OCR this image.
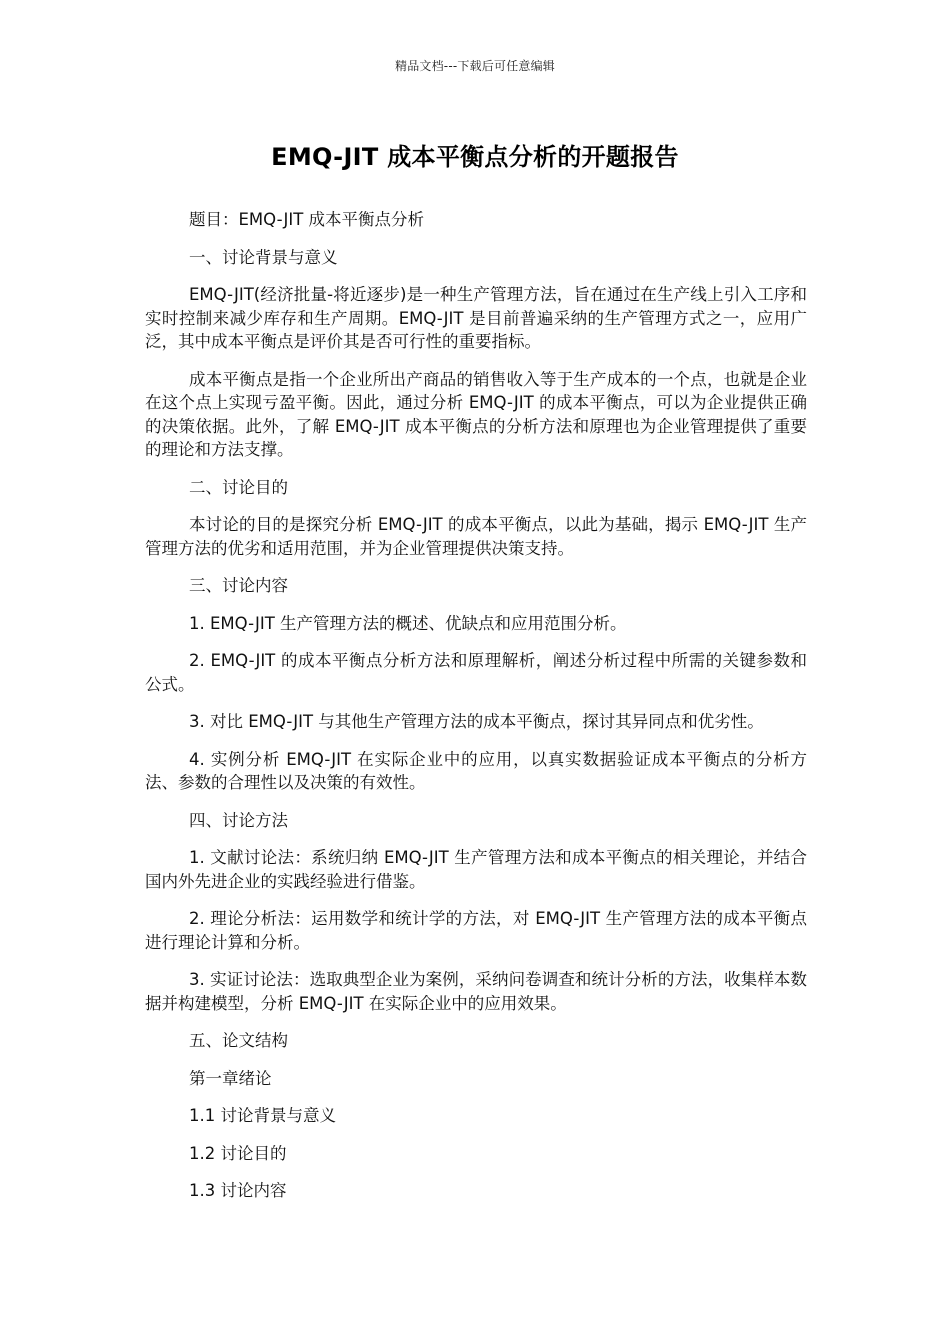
精品文档---下载后可任意编辑
EMQ-JIT 成本平衡点分析的开题报告

题目：EMQ-JIT 成本平衡点分析

一、讨论背景与意义

EMQ-JIT(经济批量-将近逐步)是一种生产管理方法，旨在通过在生产线上引入工序和实时控制来减少库存和生产周期。EMQ-JIT 是目前普遍采纳的生产管理方式之一，应用广泛，其中成本平衡点是评价其是否可行性的重要指标。

成本平衡点是指一个企业所出产商品的销售收入等于生产成本的一个点，也就是企业在这个点上实现亏盈平衡。因此，通过分析 EMQ-JIT 的成本平衡点，可以为企业提供正确的决策依据。此外，了解 EMQ-JIT 成本平衡点的分析方法和原理也为企业管理提供了重要的理论和方法支撑。

二、讨论目的

本讨论的目的是探究分析 EMQ-JIT 的成本平衡点，以此为基础，揭示 EMQ-JIT 生产管理方法的优劣和适用范围，并为企业管理提供决策支持。

三、讨论内容

1. EMQ-JIT 生产管理方法的概述、优缺点和应用范围分析。

2. EMQ-JIT 的成本平衡点分析方法和原理解析，阐述分析过程中所需的关键参数和公式。

3. 对比 EMQ-JIT 与其他生产管理方法的成本平衡点，探讨其异同点和优劣性。

4. 实例分析 EMQ-JIT 在实际企业中的应用，以真实数据验证成本平衡点的分析方法、参数的合理性以及决策的有效性。

四、讨论方法

1. 文献讨论法：系统归纳 EMQ-JIT 生产管理方法和成本平衡点的相关理论，并结合国内外先进企业的实践经验进行借鉴。

2. 理论分析法：运用数学和统计学的方法，对 EMQ-JIT 生产管理方法的成本平衡点进行理论计算和分析。

3. 实证讨论法：选取典型企业为案例，采纳问卷调查和统计分析的方法，收集样本数据并构建模型，分析 EMQ-JIT 在实际企业中的应用效果。

五、论文结构

第一章绪论

1.1 讨论背景与意义

1.2 讨论目的

1.3 讨论内容
